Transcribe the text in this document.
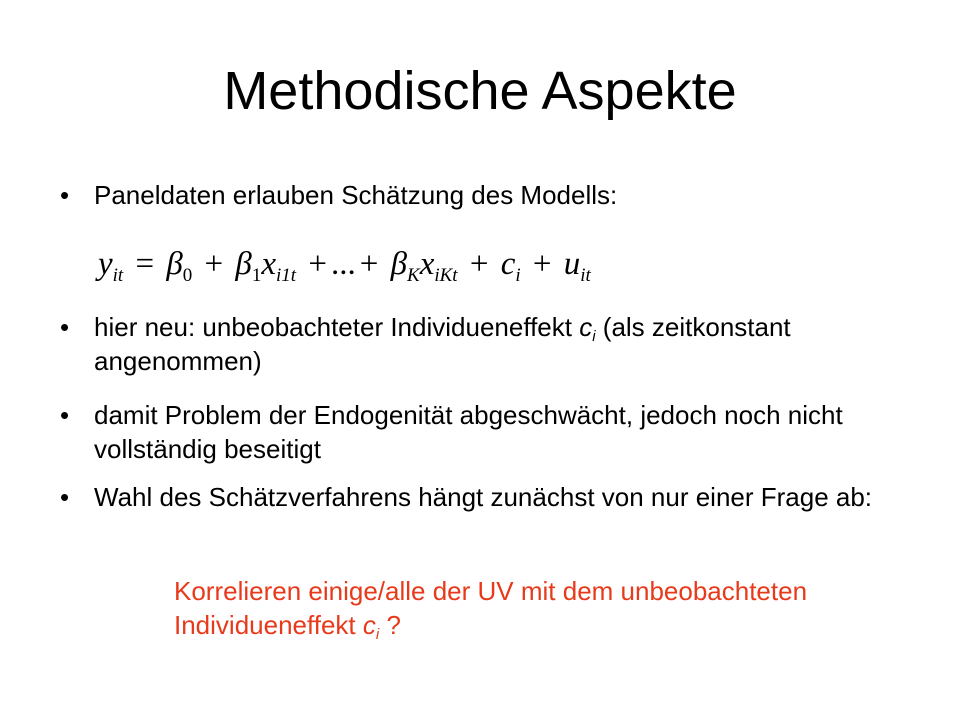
Methodische Aspekte
• Paneldaten erlauben Schätzung des Modells:
$y_{it} = \beta_0 + \beta_1x_{i1t}$ + ... + $\beta_Kx_{iKt} + c_i + u_{it}$
• hier neu: unbeobachteter Individueneffekt $c_i$ (als zeitkonstant angenommen)
• damit Problem der Endogenität abgeschwächt, jedoch noch nicht vollständig beseitigt
• Wahl des Schätzverfahrens hängt zunächst von nur einer Frage ab:
Korrelieren einige/alle der UV mit dem unbeobachteten Individueneffekt $c_i$ ?
